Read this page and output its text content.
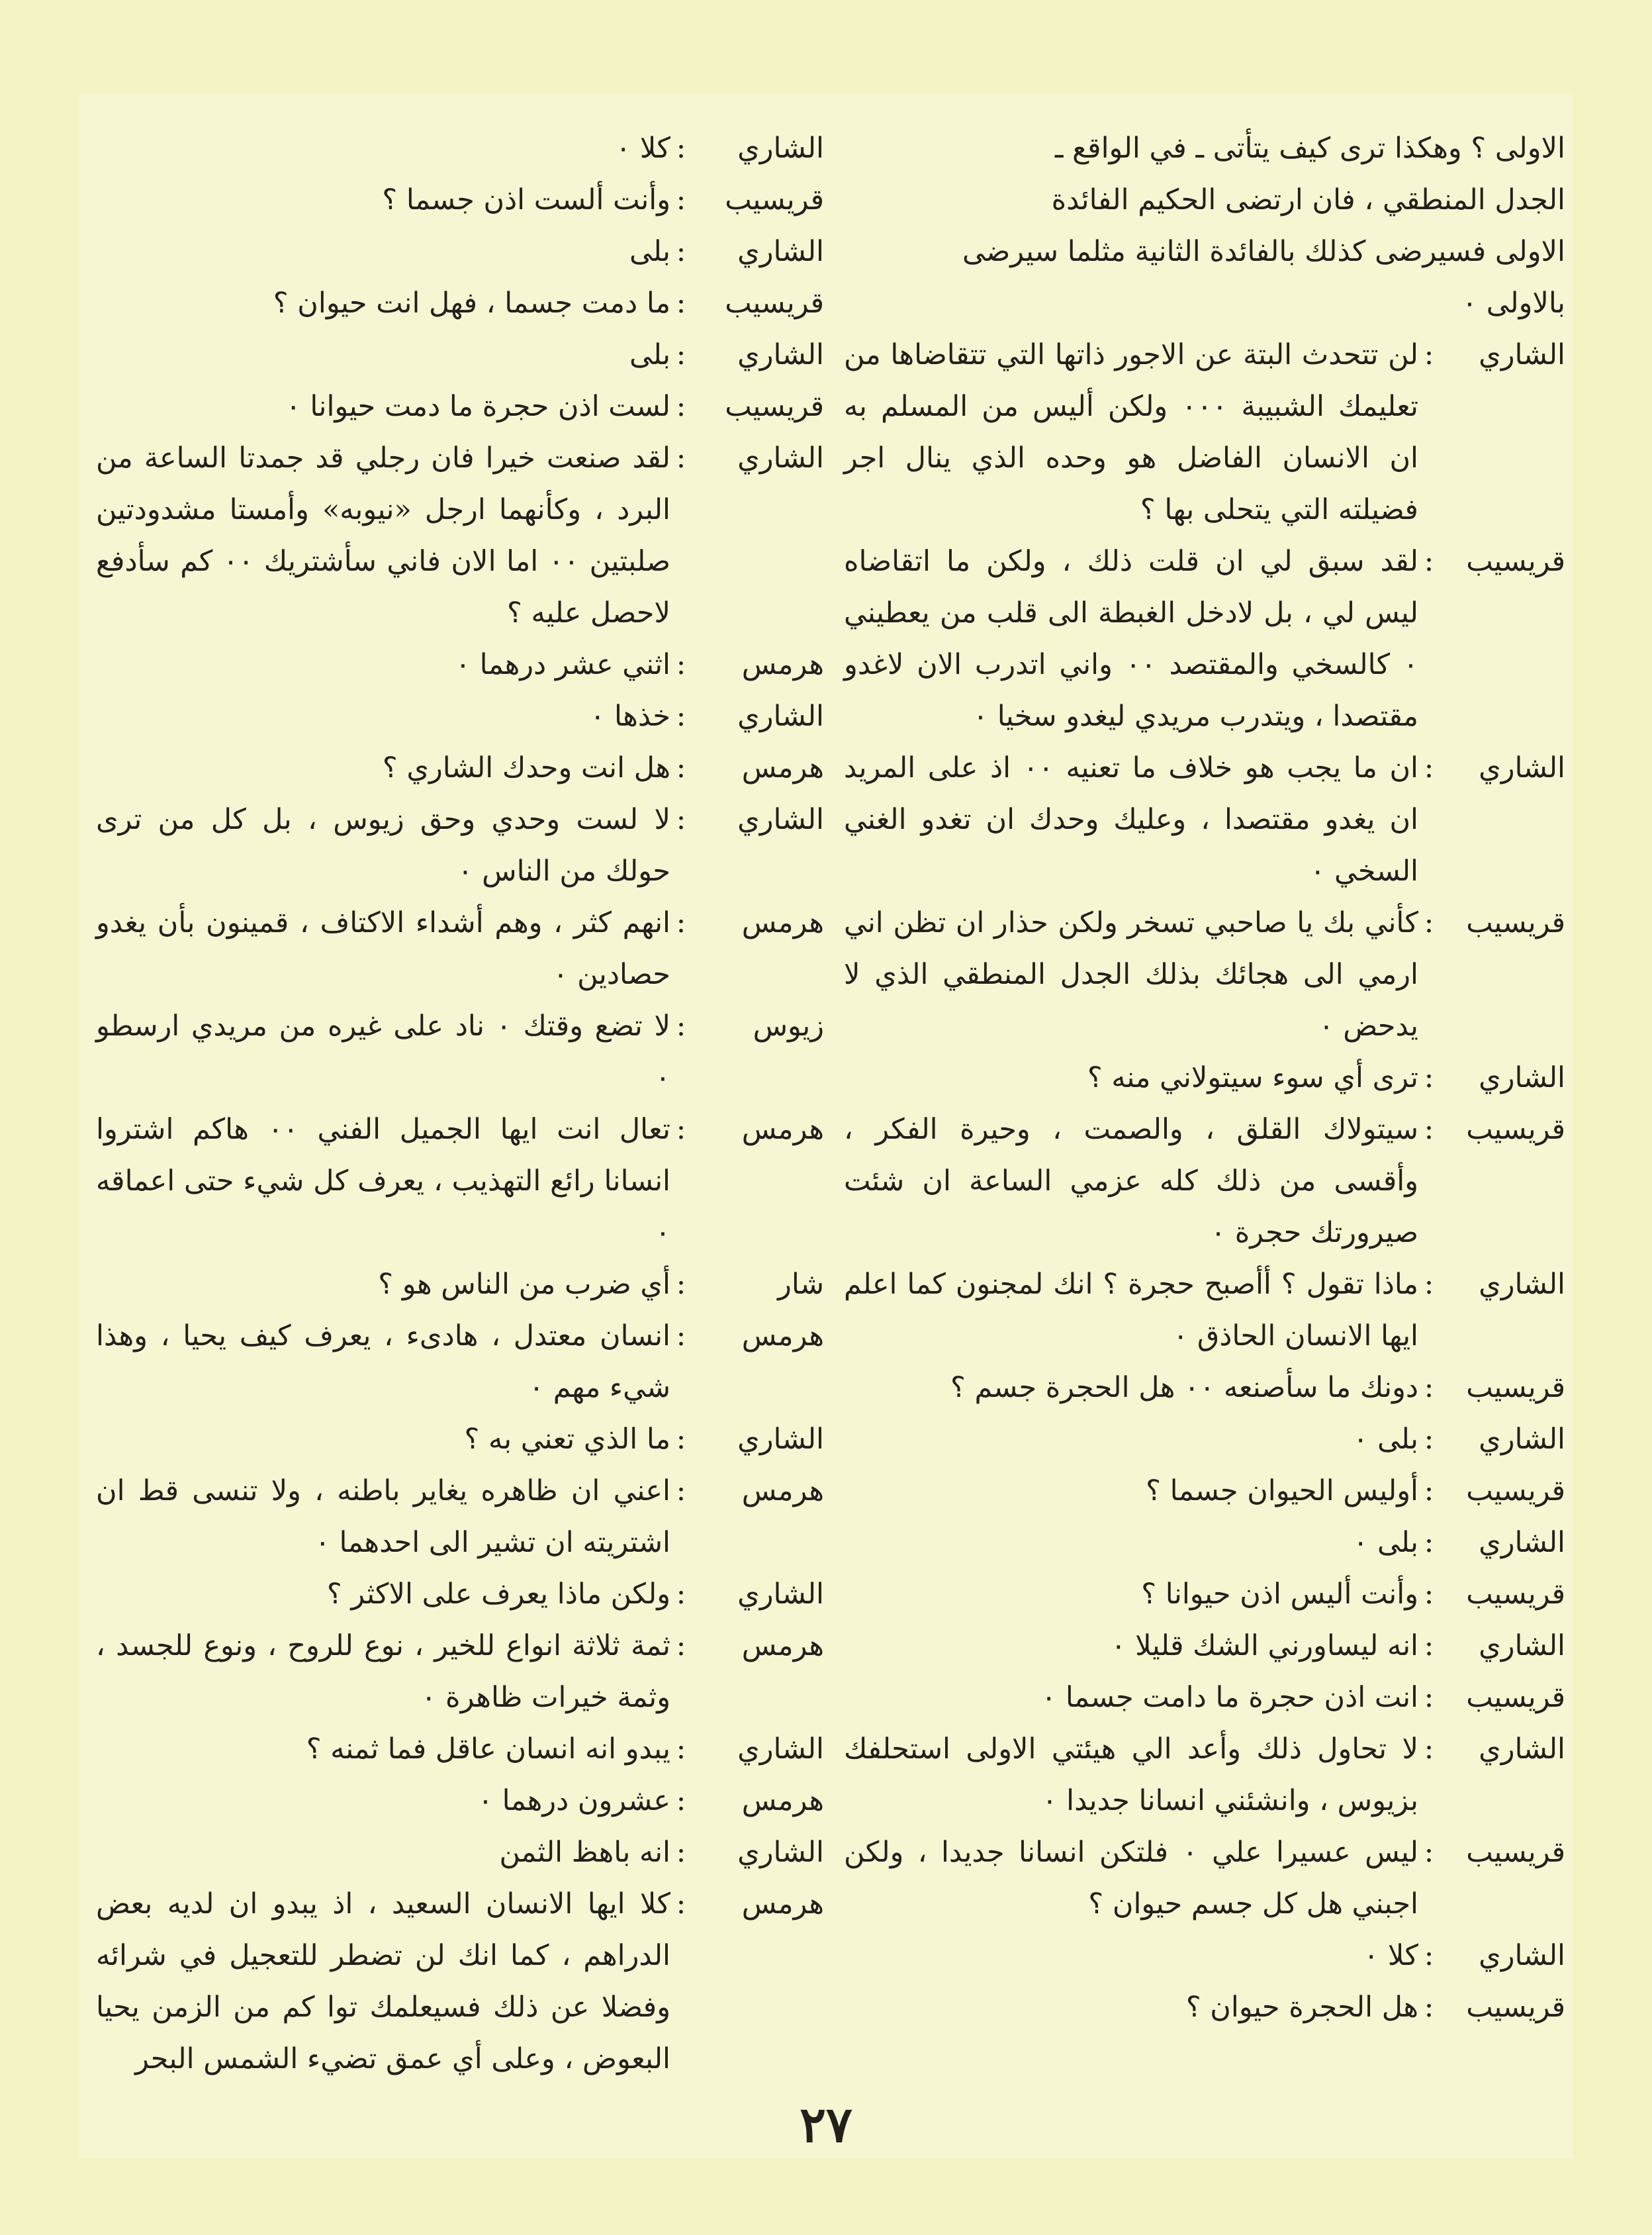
الاولى ؟ وهكذا ترى كيف يتأتى ـ في الواقع ـ
الجدل المنطقي ، فان ارتضى الحكيم الفائدة
الاولى فسيرضى كذلك بالفائدة الثانية مثلما سيرضى
بالاولى ٠
الشاري
:
لن تتحدث البتة عن الاجور ذاتها التي تتقاضاها من تعليمك الشبيبة ٠٠٠ ولكن أليس من المسلم به ان الانسان الفاضل هو وحده الذي ينال اجر فضيلته التي يتحلى بها ؟
قريسيب
:
لقد سبق لي ان قلت ذلك ، ولكن ما اتقاضاه ليس لي ، بل لادخل الغبطة الى قلب من يعطيني ٠ كالسخي والمقتصد ٠٠ واني اتدرب الان لاغدو مقتصدا ، ويتدرب مريدي ليغدو سخيا ٠
الشاري
:
ان ما يجب هو خلاف ما تعنيه ٠٠ اذ على المريد ان يغدو مقتصدا ، وعليك وحدك ان تغدو الغني السخي ٠
قريسيب
:
كأني بك يا صاحبي تسخر ولكن حذار ان تظن اني ارمي الى هجائك بذلك الجدل المنطقي الذي لا يدحض ٠
الشاري
:
ترى أي سوء سيتولاني منه ؟
قريسيب
:
سيتولاك القلق ، والصمت ، وحيرة الفكر ، وأقسى من ذلك كله عزمي الساعة ان شئت صيرورتك حجرة ٠
الشاري
:
ماذا تقول ؟ أأصبح حجرة ؟ انك لمجنون كما اعلم ايها الانسان الحاذق ٠
قريسيب
:
دونك ما سأصنعه ٠٠ هل الحجرة جسم ؟
الشاري
:
بلى ٠
قريسيب
:
أوليس الحيوان جسما ؟
الشاري
:
بلى ٠
قريسيب
:
وأنت أليس اذن حيوانا ؟
الشاري
:
انه ليساورني الشك قليلا ٠
قريسيب
:
انت اذن حجرة ما دامت جسما ٠
الشاري
:
لا تحاول ذلك وأعد الي هيئتي الاولى استحلفك بزيوس ، وانشئني انسانا جديدا ٠
قريسيب
:
ليس عسيرا علي ٠ فلتكن انسانا جديدا ، ولكن اجبني هل كل جسم حيوان ؟
الشاري
:
كلا ٠
قريسيب
:
هل الحجرة حيوان ؟
الشاري
:
كلا ٠
قريسيب
:
وأنت ألست اذن جسما ؟
الشاري
:
بلى
قريسيب
:
ما دمت جسما ، فهل انت حيوان ؟
الشاري
:
بلى
قريسيب
:
لست اذن حجرة ما دمت حيوانا ٠
الشاري
:
لقد صنعت خيرا فان رجلي قد جمدتا الساعة من البرد ، وكأنهما ارجل «نيوبه» وأمستا مشدودتين صلبتين ٠٠ اما الان فاني سأشتريك ٠٠ كم سأدفع لاحصل عليه ؟
هرمس
:
اثني عشر درهما ٠
الشاري
:
خذها ٠
هرمس
:
هل انت وحدك الشاري ؟
الشاري
:
لا لست وحدي وحق زيوس ، بل كل من ترى حولك من الناس ٠
هرمس
:
انهم كثر ، وهم أشداء الاكتاف ، قمينون بأن يغدو حصادين ٠
زيوس
:
لا تضع وقتك ٠ ناد على غيره من مريدي ارسطو ٠
هرمس
:
تعال انت ايها الجميل الفني ٠٠ هاكم اشتروا انسانا رائع التهذيب ، يعرف كل شيء حتى اعماقه ٠
شار
:
أي ضرب من الناس هو ؟
هرمس
:
انسان معتدل ، هادىء ، يعرف كيف يحيا ، وهذا شيء مهم ٠
الشاري
:
ما الذي تعني به ؟
هرمس
:
اعني ان ظاهره يغاير باطنه ، ولا تنسى قط ان اشتريته ان تشير الى احدهما ٠
الشاري
:
ولكن ماذا يعرف على الاكثر ؟
هرمس
:
ثمة ثلاثة انواع للخير ، نوع للروح ، ونوع للجسد ، وثمة خيرات ظاهرة ٠
الشاري
:
يبدو انه انسان عاقل فما ثمنه ؟
هرمس
:
عشرون درهما ٠
الشاري
:
انه باهظ الثمن
هرمس
:
كلا ايها الانسان السعيد ، اذ يبدو ان لديه بعض الدراهم ، كما انك لن تضطر للتعجيل في شرائه وفضلا عن ذلك فسيعلمك توا كم من الزمن يحيا البعوض ، وعلى أي عمق تضيء الشمس البحر
٢٧
